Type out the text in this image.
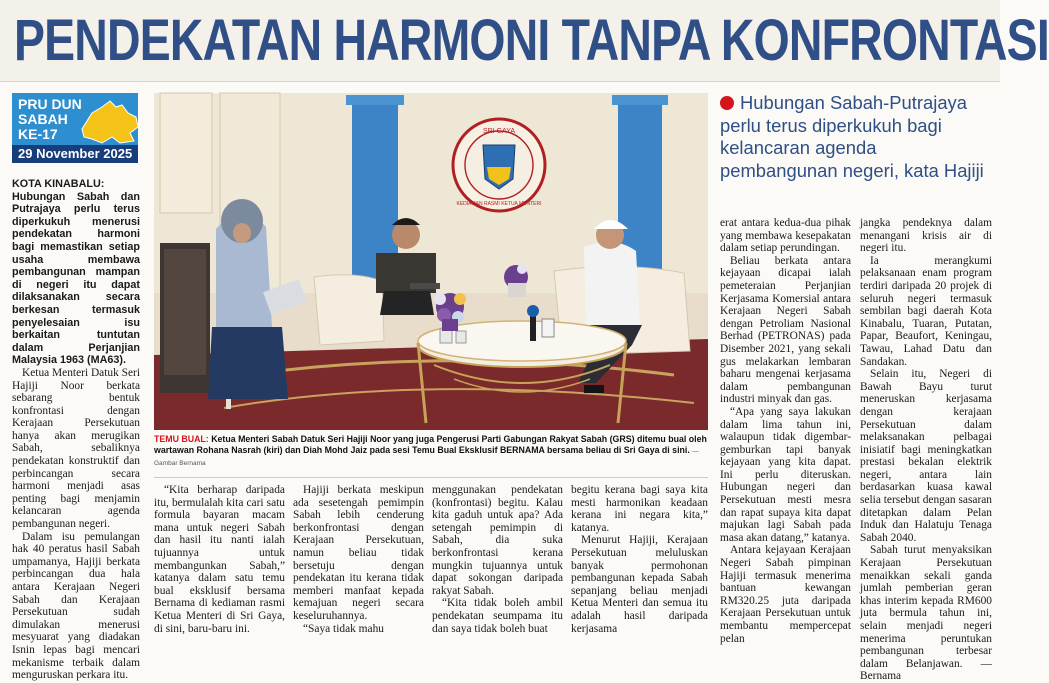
PENDEKATAN HARMONI TANPA KONFRONTASI
PRU DUN
SABAH
KE-17
29 November 2025

KOTA KINABALU:
Hubungan Sabah dan Putrajaya perlu terus diperkukuh menerusi pendekatan harmoni bagi memastikan setiap usaha membawa pembangunan mampan di negeri itu dapat dilaksanakan secara berkesan termasuk penyelesaian isu berkaitan tuntutan dalam Perjanjian Malaysia 1963 (MA63).

Ketua Menteri Datuk Seri Hajiji Noor berkata sebarang bentuk konfrontasi dengan Kerajaan Persekutuan hanya akan merugikan Sabah, sebaliknya pendekatan konstruktif dan perbincangan secara harmoni menjadi asas penting bagi menjamin kelancaran agenda pembangunan negeri.

Dalam isu pemulangan hak 40 peratus hasil Sabah umpamanya, Hajiji berkata perbincangan dua hala antara Kerajaan Negeri Sabah dan Kerajaan Persekutuan sudah dimulakan menerusi mesyuarat yang diadakan Isnin lepas bagi mencari mekanisme terbaik dalam menguruskan perkara itu.

SRI GAYA
KEDIAMAN RASMI KETUA MENTERI
TEMU BUAL: Ketua Menteri Sabah Datuk Seri Hajiji Noor yang juga Pengerusi Parti Gabungan Rakyat Sabah (GRS) ditemu bual oleh wartawan Rohana Nasrah (kiri) dan Diah Mohd Jaiz pada sesi Temu Bual Eksklusif BERNAMA bersama beliau di Sri Gaya di sini. — Gambar Bernama
Hubungan Sabah-Putrajaya perlu terus diperkukuh bagi kelancaran agenda pembangunan negeri, kata Hajiji

“Kita berharap daripada itu, bermulalah kita cari satu formula bayaran macam mana untuk negeri Sabah dan hasil itu nanti ialah tujuannya untuk membangunkan Sabah,” katanya dalam satu temu bual eksklusif bersama Bernama di kediaman rasmi Ketua Menteri di Sri Gaya, di sini, baru-baru ini.

Hajiji berkata meskipun ada sesetengah pemimpin Sabah lebih cenderung berkonfrontasi dengan Kerajaan Persekutuan, namun beliau tidak bersetuju dengan pendekatan itu kerana tidak memberi manfaat kepada kemajuan negeri secara keseluruhannya.

“Saya tidak mahu

menggunakan pendekatan (konfrontasi) begitu. Kalau kita gaduh untuk apa? Ada setengah pemimpin di Sabah, dia suka berkonfrontasi kerana mungkin tujuannya untuk dapat sokongan daripada rakyat Sabah.

“Kita tidak boleh ambil pendekatan seumpama itu dan saya tidak boleh buat

begitu kerana bagi saya kita mesti harmonikan keadaan kerana ini negara kita,” katanya.

Menurut Hajiji, Kerajaan Persekutuan meluluskan banyak permohonan pembangunan kepada Sabah sepanjang beliau menjadi Ketua Menteri dan semua itu adalah hasil daripada kerjasama

erat antara kedua-dua pihak yang membawa kesepakatan dalam setiap perundingan.

Beliau berkata antara kejayaan dicapai ialah pemeteraian Perjanjian Kerjasama Komersial antara Kerajaan Negeri Sabah dengan Petroliam Nasional Berhad (PETRONAS) pada Disember 2021, yang sekali gus melakarkan lembaran baharu mengenai kerjasama dalam pembangunan industri minyak dan gas.

“Apa yang saya lakukan dalam lima tahun ini, walaupun tidak digembar-gemburkan tapi banyak kejayaan yang kita dapat. Ini perlu diteruskan. Hubungan negeri dan Persekutuan mesti mesra dan rapat supaya kita dapat majukan lagi Sabah pada masa akan datang,” katanya.

Antara kejayaan Kerajaan Negeri Sabah pimpinan Hajiji termasuk menerima bantuan kewangan RM320.25 juta daripada Kerajaan Persekutuan untuk membantu mempercepat pelan

jangka pendeknya dalam menangani krisis air di negeri itu.

Ia merangkumi pelaksanaan enam program terdiri daripada 20 projek di seluruh negeri termasuk sembilan bagi daerah Kota Kinabalu, Tuaran, Putatan, Papar, Beaufort, Keningau, Tawau, Lahad Datu dan Sandakan.

Selain itu, Negeri di Bawah Bayu turut meneruskan kerjasama dengan kerajaan Persekutuan dalam melaksanakan pelbagai inisiatif bagi meningkatkan prestasi bekalan elektrik negeri, antara lain berdasarkan kuasa kawal selia tersebut dengan sasaran ditetapkan dalam Pelan Induk dan Halatuju Tenaga Sabah 2040.

Sabah turut menyaksikan Kerajaan Persekutuan menaikkan sekali ganda jumlah pemberian geran khas interim kepada RM600 juta bermula tahun ini, selain menjadi negeri menerima peruntukan pembangunan terbesar dalam Belanjawan. — Bernama
